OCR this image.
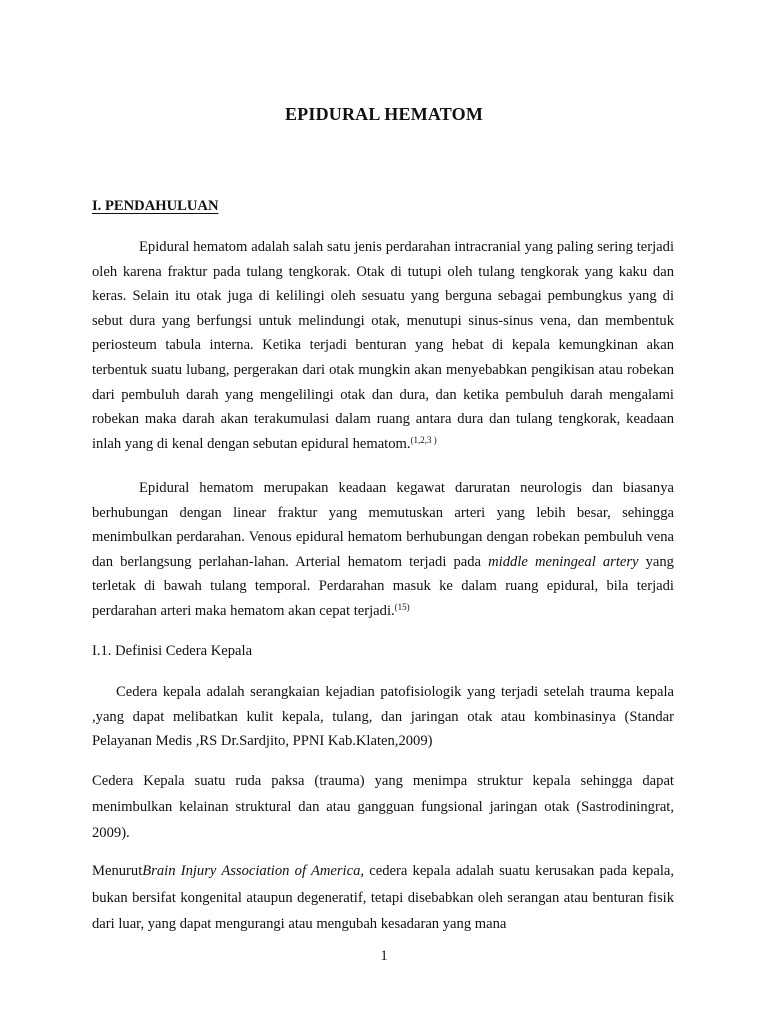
EPIDURAL HEMATOM
I. PENDAHULUAN

Epidural hematom adalah salah satu jenis perdarahan intracranial yang paling sering terjadi oleh karena fraktur pada tulang tengkorak. Otak di tutupi oleh tulang tengkorak yang kaku dan keras. Selain itu otak juga di kelilingi oleh sesuatu yang berguna sebagai pembungkus yang di sebut dura yang berfungsi untuk melindungi otak, menutupi sinus-sinus vena, dan membentuk periosteum tabula interna. Ketika terjadi benturan yang hebat di kepala kemungkinan akan terbentuk suatu lubang, pergerakan dari otak mungkin akan menyebabkan pengikisan atau robekan dari pembuluh darah yang mengelilingi otak dan dura, dan ketika pembuluh darah mengalami robekan maka darah akan terakumulasi dalam ruang antara dura dan tulang tengkorak, keadaan inlah yang di kenal dengan sebutan epidural hematom.$^{(1,2,3 )}$

Epidural hematom merupakan keadaan kegawat daruratan neurologis dan biasanya berhubungan dengan linear fraktur yang memutuskan arteri yang lebih besar, sehingga menimbulkan perdarahan. Venous epidural hematom berhubungan dengan robekan pembuluh vena dan berlangsung perlahan-lahan. Arterial hematom terjadi pada middle meningeal artery yang terletak di bawah tulang temporal. Perdarahan masuk ke dalam ruang epidural, bila terjadi perdarahan arteri maka hematom akan cepat terjadi.$^{(15)}$

I.1. Definisi Cedera Kepala

Cedera kepala adalah serangkaian kejadian patofisiologik yang terjadi setelah trauma kepala ,yang dapat melibatkan kulit kepala, tulang, dan jaringan otak atau kombinasinya (Standar Pelayanan Medis ,RS Dr.Sardjito, PPNI Kab.Klaten,2009)

Cedera Kepala suatu ruda paksa (trauma) yang menimpa struktur kepala sehingga dapat menimbulkan kelainan struktural dan atau gangguan fungsional jaringan otak (Sastrodiningrat, 2009).

MenurutBrain Injury Association of America, cedera kepala adalah suatu kerusakan pada kepala, bukan bersifat kongenital ataupun degeneratif, tetapi disebabkan oleh serangan atau benturan fisik dari luar, yang dapat mengurangi atau mengubah kesadaran yang mana

1
